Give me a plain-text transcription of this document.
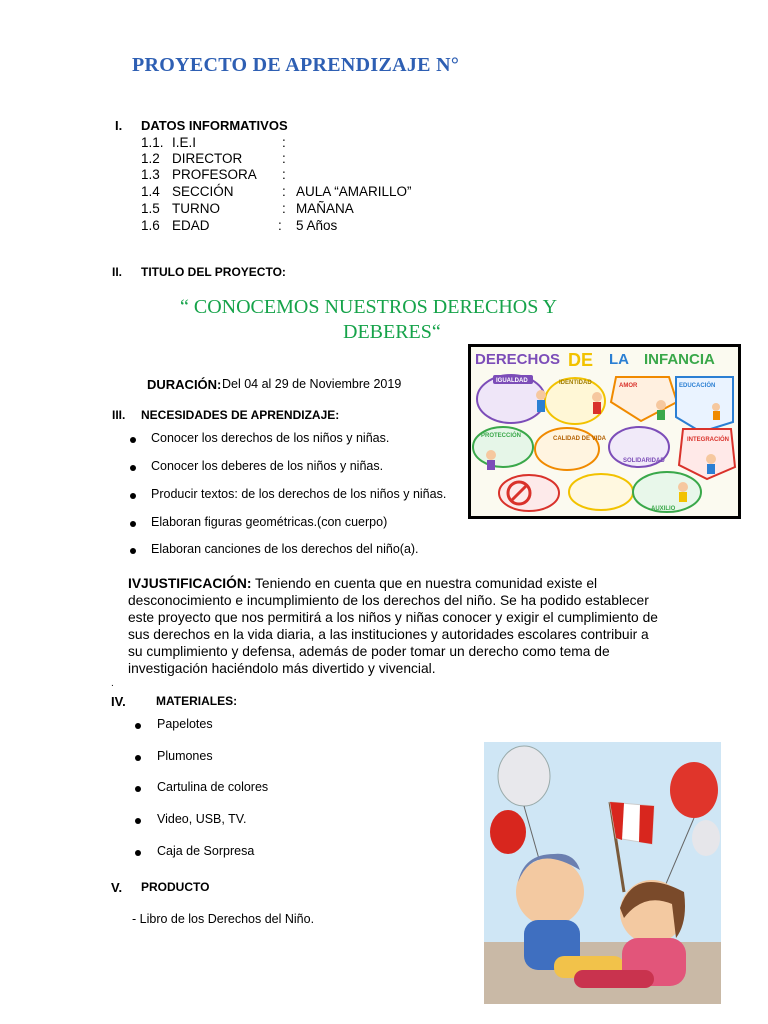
PROYECTO DE APRENDIZAJE N°
I. DATOS INFORMATIVOS
1.1. I.E.I	:
1.2 DIRECTOR	:
1.3 PROFESORA :
1.4 SECCIÓN	: AULA “AMARILLO”
1.5 TURNO	: MAÑANA
1.6 EDAD	: 5 Años
II. TITULO DEL PROYECTO:
“ CONOCEMOS NUESTROS DERECHOS Y
DEBERES“
DURACIÓN: Del 04 al 29 de Noviembre 2019
III. NECESIDADES DE APRENDIZAJE:
Conocer los derechos de los niños y niñas.
Conocer los deberes de los niños y niñas.
Producir textos: de los derechos de los niños y niñas.
Elaboran figuras geométricas.(con cuerpo)
Elaboran canciones de los derechos del niño(a).
IVJUSTIFICACIÓN: Teniendo en cuenta que en nuestra comunidad existe el desconocimiento e incumplimiento de los derechos del niño. Se ha podido establecer este proyecto que nos permitirá a los niños y niñas conocer y exigir el cumplimiento de sus derechos en la vida diaria, a las instituciones y autoridades escolares contribuir a su cumplimiento y defensa, además de poder tomar un derecho como tema de investigación haciéndolo más divertido y vivencial.
.
IV.	MATERIALES:
Papelotes
Plumones
Cartulina de colores
Video, USB, TV.
Caja de Sorpresa
V. PRODUCTO
- Libro de los Derechos del Niño.
DERECHOS DE LA INFANCIA
IGUALDAD	IDENTIDAD	AMOR	EDUCACIÓN
PROTECCIÓN	CALIDAD DE VIDA
SOLIDARIDAD
INTEGRACIÓN
AUXILIO
